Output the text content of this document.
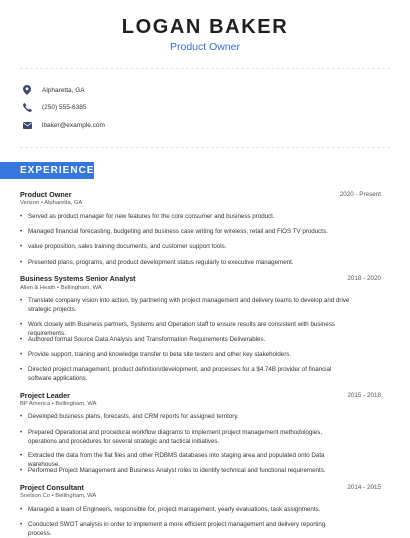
LOGAN BAKER
Product Owner
Alpharetta, GA
(250) 555-6385
lbaker@example.com
EXPERIENCE
Product Owner	2020 - Present
Verizon • Alpharetta, GA
• Served as product manager for new features for the core consumer and business product.
• Managed financial forecasting, budgeting and business case writing for wireless, retail and FiOS TV products.
• value proposition, sales training documents, and customer support tools.
• Presented plans, programs, and product development status regularly to executive management.
Business Systems Senior Analyst	2018 - 2020
Allen & Heath • Bellingham, WA
• Translate company vision into action, by partnering with project management and delivery teams to develop and drive strategic projects.
• Work closely with Business partners, Systems and Operation staff to ensure results are consistent with business requirements.
• Authored formal Source Data Analysis and Transformation Requirements Deliverables.
• Provide support, training and knowledge transfer to beta site testers and other key stakeholders.
• Directed project management, product definition/development, and processes for a $4.74B provider of financial software applications.
Project Leader	2015 - 2018
BP America • Bellingham, WA
• Developed business plans, forecasts, and CRM reports for assigned territory.
• Prepared Operational and procedural workflow diagrams to implement project management methodologies, operations and procedures for several strategic and tactical initiatives.
• Extracted the data from the flat files and other RDBMS databases into staging area and populated onto Data warehouse.
• Performed Project Management and Business Analyst roles to identify technical and functional requirements.
Project Consultant	2014 - 2015
Snelson Co • Bellingham, WA
• Managed a team of Engineers, responsible for, project management, yearly evaluations, task assignments.
• Conducted SWOT analysis in order to implement a more efficient project management and delivery reporting process.
